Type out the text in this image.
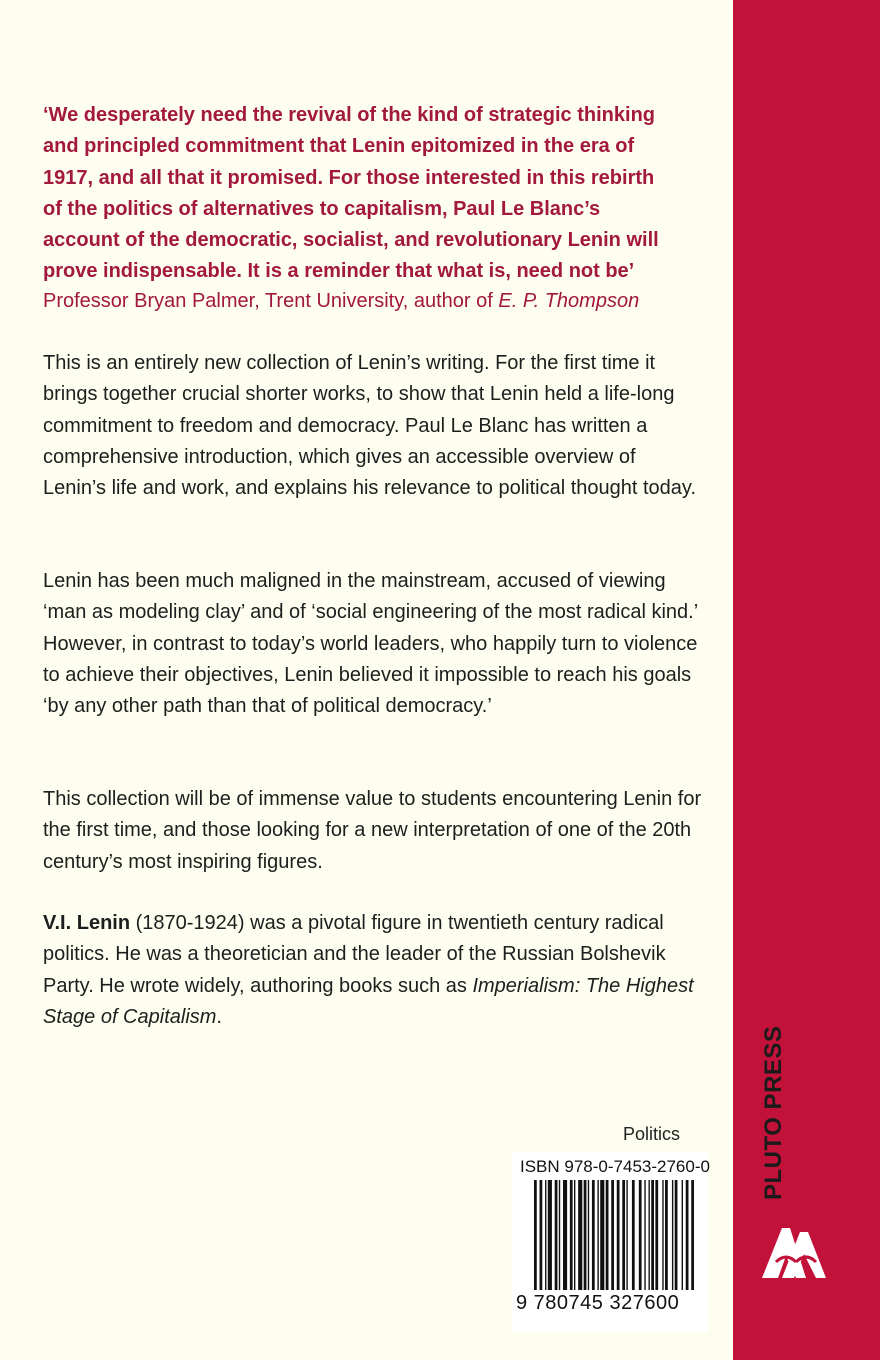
‘We desperately need the revival of the kind of strategic thinking
and principled commitment that Lenin epitomized in the era of
1917, and all that it promised. For those interested in this rebirth
of the politics of alternatives to capitalism, Paul Le Blanc’s
account of the democratic, socialist, and revolutionary Lenin will
prove indispensable. It is a reminder that what is, need not be’

Professor Bryan Palmer, Trent University, author of E. P. Thompson

This is an entirely new collection of Lenin’s writing. For the first time it brings together crucial shorter works, to show that Lenin held a life-long commitment to freedom and democracy. Paul Le Blanc has written a comprehensive introduction, which gives an accessible overview of Lenin’s life and work, and explains his relevance to political thought today.

Lenin has been much maligned in the mainstream, accused of viewing ‘man as modeling clay’ and of ‘social engineering of the most radical kind.’ However, in contrast to today’s world leaders, who happily turn to violence to achieve their objectives, Lenin believed it impossible to reach his goals ‘by any other path than that of political democracy.’

This collection will be of immense value to students encountering Lenin for the first time, and those looking for a new interpretation of one of the 20th century’s most inspiring figures.

V.I. Lenin (1870-1924) was a pivotal figure in twentieth century radical politics. He was a theoretician and the leader of the Russian Bolshevik Party. He wrote widely, authoring books such as Imperialism: The Highest Stage of Capitalism.

Politics

ISBN 978-0-7453-2760-0
9 780745 327600
PLUTO PRESS
